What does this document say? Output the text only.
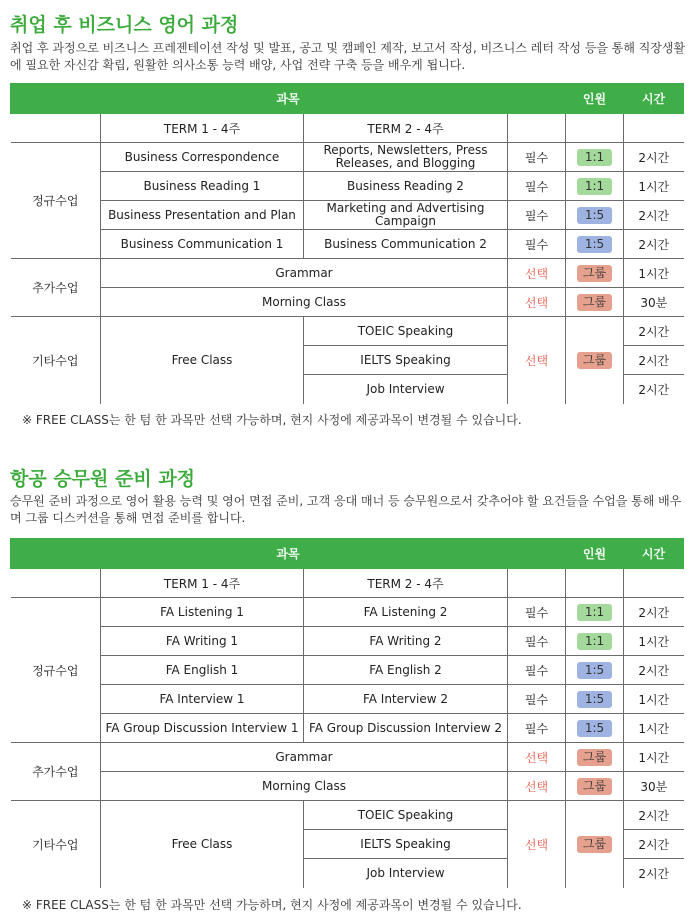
취업 후 비즈니스 영어 과정
취업 후 과정으로 비즈니스 프레젠테이션 작성 및 발표, 공고 및 캠페인 제작, 보고서 작성, 비즈니스 레터 작성 등을 통해 직장생활에 필요한 자신감 확립, 원활한 의사소통 능력 배양, 사업 전략 구축 등을 배우게 됩니다.
과목				인원	시간
	TERM 1 - 4주	TERM 2 - 4주			
정규수업	Business Correspondence	Reports, Newsletters, Press Releases, and Blogging	필수	1:1	2시간
	Business Reading 1	Business Reading 2	필수	1:1	1시간
	Business Presentation and Plan	Marketing and Advertising Campaign	필수	1:5	2시간
	Business Communication 1	Business Communication 2	필수	1:5	2시간
추가수업	Grammar		선택	그룹	1시간
	Morning Class		선택	그룹	30분
기타수업	Free Class	TOEIC Speaking	선택	그룹	2시간
		IELTS Speaking			2시간
		Job Interview			2시간
※ FREE CLASS는 한 텀 한 과목만 선택 가능하며, 현지 사정에 제공과목이 변경될 수 있습니다.
항공 승무원 준비 과정
승무원 준비 과정으로 영어 활용 능력 및 영어 면접 준비, 고객 응대 매너 등 승무원으로서 갖추어야 할 요건들을 수업을 통해 배우며 그룹 디스커션을 통해 면접 준비를 합니다.
과목				인원	시간
	TERM 1 - 4주	TERM 2 - 4주			
정규수업	FA Listening 1	FA Listening 2	필수	1:1	2시간
	FA Writing 1	FA Writing 2	필수	1:1	1시간
	FA English 1	FA English 2	필수	1:5	2시간
	FA Interview 1	FA Interview 2	필수	1:5	1시간
	FA Group Discussion Interview 1	FA Group Discussion Interview 2	필수	1:5	1시간
추가수업	Grammar		선택	그룹	1시간
	Morning Class		선택	그룹	30분
기타수업	Free Class	TOEIC Speaking	선택	그룹	2시간
		IELTS Speaking			2시간
		Job Interview			2시간
※ FREE CLASS는 한 텀 한 과목만 선택 가능하며, 현지 사정에 제공과목이 변경될 수 있습니다.
